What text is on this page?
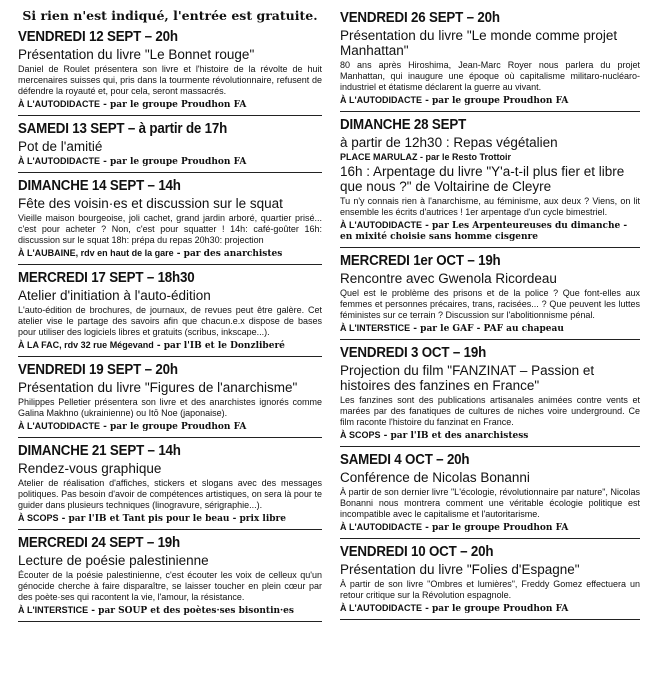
Si rien n'est indiqué, l'entrée est gratuite.
VENDREDI 12 SEPT – 20h
Présentation du livre "Le Bonnet rouge"
Daniel de Roulet présentera son livre et l'histoire de la révolte de huit mercenaires suisses qui, pris dans la tourmente révolutionnaire, refusent de défendre la royauté et, pour cela, seront massacrés.
À L'AUTODIDACTE - par le groupe Proudhon FA
SAMEDI 13 SEPT – à partir de 17h
Pot de l'amitié
À L'AUTODIDACTE - par le groupe Proudhon FA
DIMANCHE 14 SEPT – 14h
Fête des voisin·es et discussion sur le squat
Vieille maison bourgeoise, joli cachet, grand jardin arboré, quartier prisé... c'est pour acheter ? Non, c'est pour squatter ! 14h: café-goûter 16h: discussion sur le squat 18h: prépa du repas 20h30: projection
À L'AUBAINE, rdv en haut de la gare - par des anarchistes
MERCREDI 17 SEPT – 18h30
Atelier d'initiation à l'auto-édition
L'auto-édition de brochures, de journaux, de revues peut être galère. Cet atelier vise le partage des savoirs afin que chacun.e.x dispose de bases pour utiliser des logiciels libres et gratuits (scribus, inkscape...).
À LA FAC, rdv 32 rue Mégevand - par l'IB et le Donzliberé
VENDREDI 19 SEPT – 20h
Présentation du livre "Figures de l'anarchisme"
Philippes Pelletier présentera son livre et des anarchistes ignorés comme Galina Makhno (ukrainienne) ou Itō Noe (japonaise).
À L'AUTODIDACTE - par le groupe Proudhon FA
DIMANCHE 21 SEPT – 14h
Rendez-vous graphique
Atelier de réalisation d'affiches, stickers et slogans avec des messages politiques. Pas besoin d'avoir de compétences artistiques, on sera là pour te guider dans plusieurs techniques (linogravure, sérigraphie...).
À SCOPS - par l'IB et Tant pis pour le beau - prix libre
MERCREDI 24 SEPT – 19h
Lecture de poésie palestinienne
Écouter de la poésie palestinienne, c'est écouter les voix de celleux qu'un génocide cherche à faire disparaître, se laisser toucher en plein cœur par des poète·ses qui racontent la vie, l'amour, la résistance.
À L'INTERSTICE - par SOUP et des poètes·ses bisontin·es
VENDREDI 26 SEPT – 20h
Présentation du livre "Le monde comme projet Manhattan"
80 ans après Hiroshima, Jean-Marc Royer nous parlera du projet Manhattan, qui inaugure une époque où capitalisme militaro-nucléaro-industriel et étatisme déclarent la guerre au vivant.
À L'AUTODIDACTE - par le groupe Proudhon FA
DIMANCHE 28 SEPT
à partir de 12h30 : Repas végétalien
PLACE MARULAZ - par le Resto Trottoir
16h : Arpentage du livre "Y'a-t-il plus fier et libre que nous ?" de Voltairine de Cleyre
Tu n'y connais rien à l'anarchisme, au féminisme, aux deux ? Viens, on lit ensemble les écrits d'autrices ! 1er arpentage d'un cycle bimestriel.
À L'AUTODIDACTE - par Les Arpenteureuses du dimanche - en mixité choisie sans homme cisgenre
MERCREDI 1er OCT – 19h
Rencontre avec Gwenola Ricordeau
Quel est le problème des prisons et de la police ? Que font-elles aux femmes et personnes précaires, trans, racisées... ? Que peuvent les luttes féministes sur ce terrain ? Discussion sur l'abolitionnisme pénal.
À L'INTERSTICE - par le GAF - PAF au chapeau
VENDREDI 3 OCT – 19h
Projection du film "FANZINAT – Passion et histoires des fanzines en France"
Les fanzines sont des publications artisanales animées contre vents et marées par des fanatiques de cultures de niches voire underground. Ce film raconte l'histoire du fanzinat en France.
À SCOPS - par l'IB et des anarchistess
SAMEDI 4 OCT – 20h
Conférence de Nicolas Bonanni
À partir de son dernier livre "L'écologie, révolutionnaire par nature", Nicolas Bonanni nous montrera comment une véritable écologie politique est incompatible avec le capitalisme et l'autoritarisme.
À L'AUTODIDACTE - par le groupe Proudhon FA
VENDREDI 10 OCT – 20h
Présentation du livre "Folies d'Espagne"
À partir de son livre "Ombres et lumières", Freddy Gomez effectuera un retour critique sur la Révolution espagnole.
À L'AUTODIDACTE - par le groupe Proudhon FA
